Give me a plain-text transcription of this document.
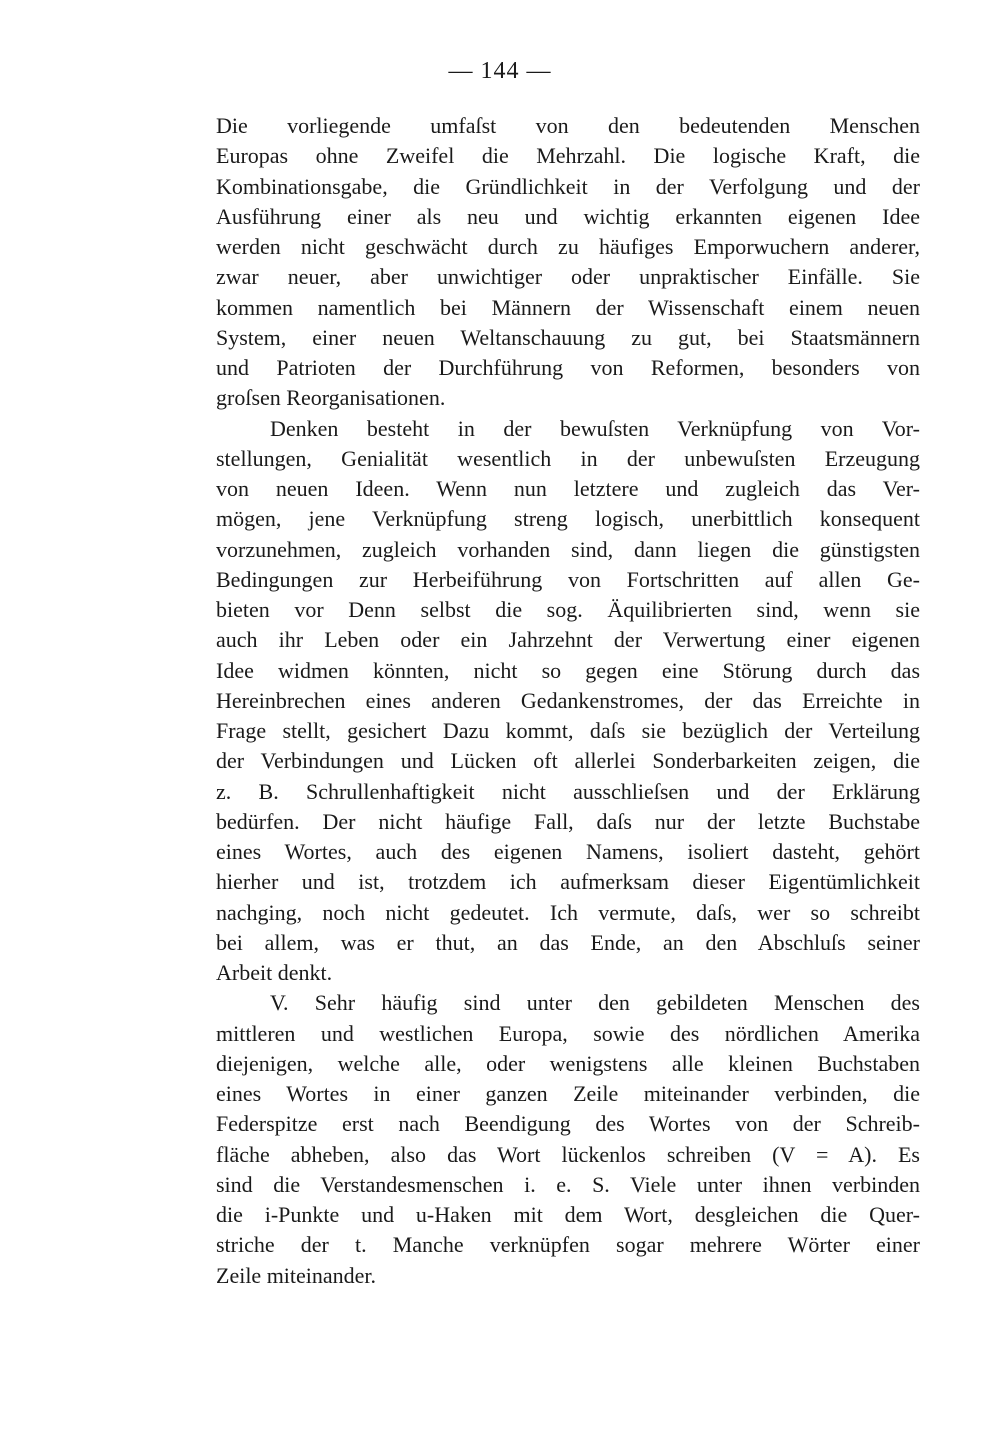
— 144 —
Die vorliegende umfaſst von den bedeutenden Menschen
Europas ohne Zweifel die Mehrzahl. Die logische Kraft, die
Kombinationsgabe, die Gründlichkeit in der Verfolgung und der
Ausführung einer als neu und wichtig erkannten eigenen Idee
werden nicht geschwächt durch zu häufiges Emporwuchern anderer,
zwar neuer, aber unwichtiger oder unpraktischer Einfälle. Sie
kommen namentlich bei Männern der Wissenschaft einem neuen
System, einer neuen Weltanschauung zu gut, bei Staatsmännern
und Patrioten der Durchführung von Reformen, besonders von
groſsen Reorganisationen.
Denken besteht in der bewuſsten Verknüpfung von Vor-
stellungen, Genialität wesentlich in der unbewuſsten Erzeugung
von neuen Ideen. Wenn nun letztere und zugleich das Ver-
mögen, jene Verknüpfung streng logisch, unerbittlich konsequent
vorzunehmen, zugleich vorhanden sind, dann liegen die günstigsten
Bedingungen zur Herbeiführung von Fortschritten auf allen Ge-
bieten vor Denn selbst die sog. Äquilibrierten sind, wenn sie
auch ihr Leben oder ein Jahrzehnt der Verwertung einer eigenen
Idee widmen könnten, nicht so gegen eine Störung durch das
Hereinbrechen eines anderen Gedankenstromes, der das Erreichte in
Frage stellt, gesichert Dazu kommt, daſs sie bezüglich der Verteilung
der Verbindungen und Lücken oft allerlei Sonderbarkeiten zeigen, die
z. B. Schrullenhaftigkeit nicht ausschlieſsen und der Erklärung
bedürfen. Der nicht häufige Fall, daſs nur der letzte Buchstabe
eines Wortes, auch des eigenen Namens, isoliert dasteht, gehört
hierher und ist, trotzdem ich aufmerksam dieser Eigentümlichkeit
nachging, noch nicht gedeutet. Ich vermute, daſs, wer so schreibt
bei allem, was er thut, an das Ende, an den Abschluſs seiner
Arbeit denkt.
V. Sehr häufig sind unter den gebildeten Menschen des
mittleren und westlichen Europa, sowie des nördlichen Amerika
diejenigen, welche alle, oder wenigstens alle kleinen Buchstaben
eines Wortes in einer ganzen Zeile miteinander verbinden, die
Federspitze erst nach Beendigung des Wortes von der Schreib-
fläche abheben, also das Wort lückenlos schreiben (V = A). Es
sind die Verstandesmenschen i. e. S. Viele unter ihnen verbinden
die i-Punkte und u-Haken mit dem Wort, desgleichen die Quer-
striche der t. Manche verknüpfen sogar mehrere Wörter einer
Zeile miteinander.
